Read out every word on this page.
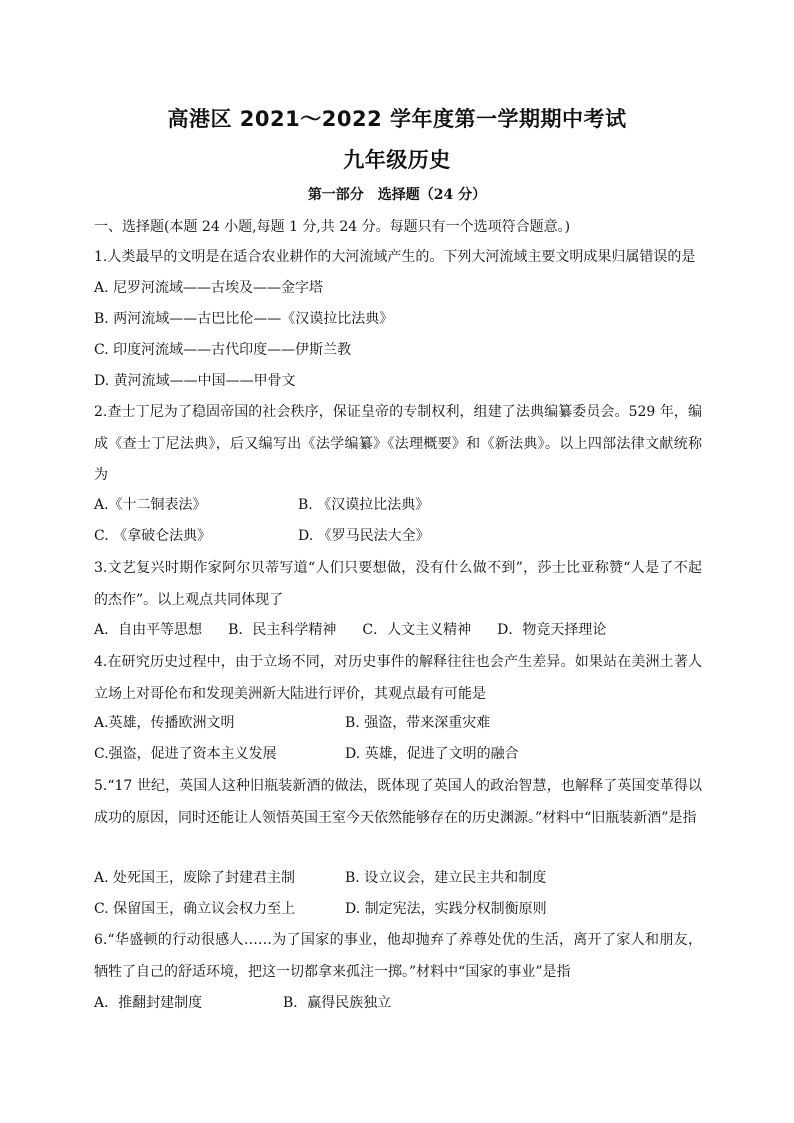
高港区 2021～2022 学年度第一学期期中考试
九年级历史
第一部分　选择题（24 分）
一、选择题(本题 24 小题,每题 1 分,共 24 分。每题只有一个选项符合题意。)
1.人类最早的文明是在适合农业耕作的大河流域产生的。下列大河流域主要文明成果归属错误的是
A. 尼罗河流域——古埃及——金字塔
B. 两河流域——古巴比伦——《汉谟拉比法典》
C. 印度河流域——古代印度——伊斯兰教
D. 黄河流域——中国——甲骨文
2.查士丁尼为了稳固帝国的社会秩序，保证皇帝的专制权利，组建了法典编纂委员会。529 年，编成《查士丁尼法典》，后又编写出《法学编纂》《法理概要》和《新法典》。以上四部法律文献统称为
A.《十二铜表法》	B. 《汉谟拉比法典》
C. 《拿破仑法典》	D. 《罗马民法大全》
3.文艺复兴时期作家阿尔贝蒂写道“人们只要想做，没有什么做不到”，莎士比亚称赞“人是了不起的杰作”。以上观点共同体现了
A．自由平等思想 B．民主科学精神 C．人文主义精神 D．物竞天择理论
4.在研究历史过程中，由于立场不同，对历史事件的解释往往也会产生差异。如果站在美洲土著人立场上对哥伦布和发现美洲新大陆进行评价，其观点最有可能是
A.英雄，传播欧洲文明	B. 强盗，带来深重灾难
C.强盗，促进了资本主义发展	D. 英雄，促进了文明的融合
5.“17 世纪，英国人这种旧瓶装新酒的做法，既体现了英国人的政治智慧，也解释了英国变革得以成功的原因，同时还能让人领悟英国王室今天依然能够存在的历史渊源。”材料中“旧瓶装新酒”是指
A. 处死国王，废除了封建君主制	B. 设立议会，建立民主共和制度
C. 保留国王，确立议会权力至上	D. 制定宪法，实践分权制衡原则
6.“华盛顿的行动很感人……为了国家的事业，他却抛弃了养尊处优的生活，离开了家人和朋友，牺牲了自己的舒适环境，把这一切都拿来孤注一掷。”材料中“国家的事业”是指
A．推翻封建制度	B．赢得民族独立
